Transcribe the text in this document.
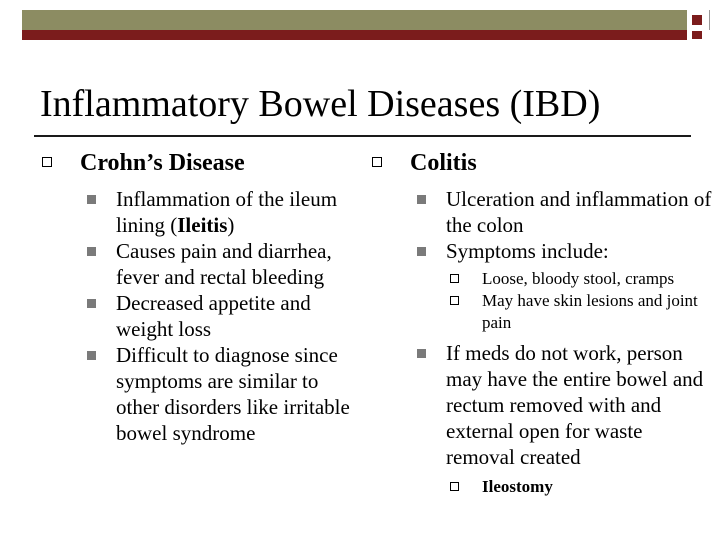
Inflammatory Bowel Diseases (IBD)
Crohn’s Disease
Inflammation of the ileum lining (Ileitis)
Causes pain and diarrhea, fever and rectal bleeding
Decreased appetite and weight loss
Difficult to diagnose since symptoms are similar to other disorders like irritable bowel syndrome
Colitis
Ulceration and inflammation of the colon
Symptoms include:
Loose, bloody stool, cramps
May have skin lesions and joint pain
If meds do not work, person may have the entire bowel and rectum removed with and external open for waste removal created
Ileostomy
